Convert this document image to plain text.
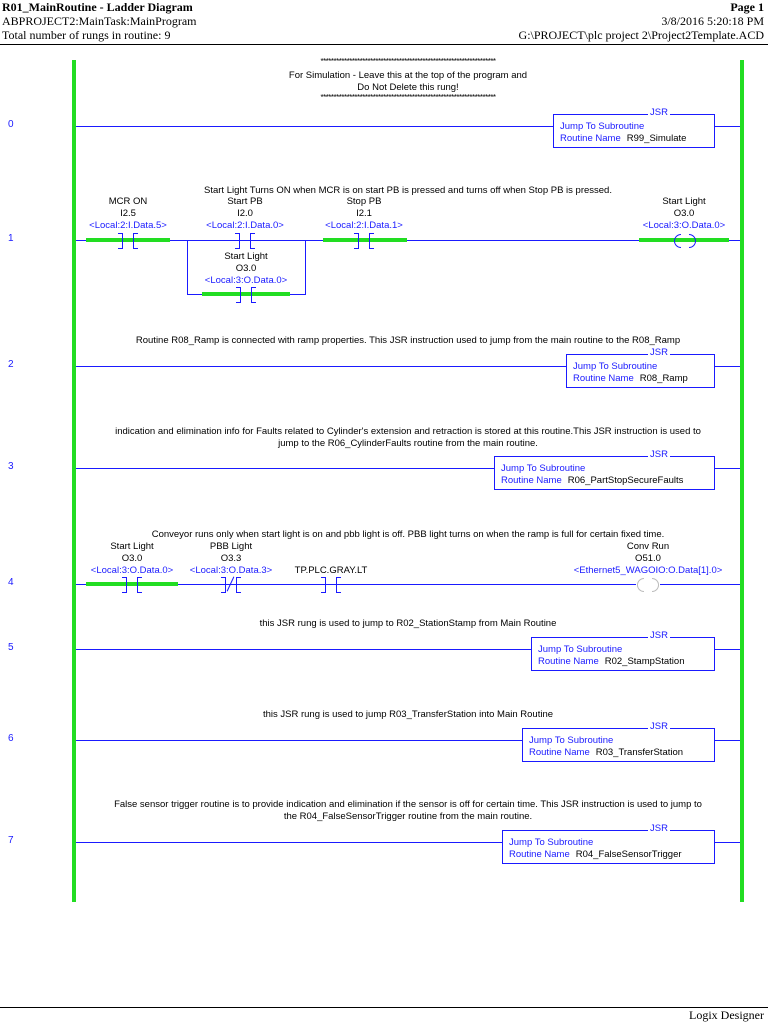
R01_MainRoutine - Ladder Diagram
ABPROJECT2:MainTask:MainProgram
Total number of rungs in routine: 9
Page 1
3/8/2016 5:20:18 PM
G:\PROJECT\plc project 2\Project2Template.ACD
0
*******************************************************************
For Simulation - Leave this at the top of the program and
Do Not Delete this rung!
*******************************************************************
JSR
Jump To Subroutine
Routine Name R99_Simulate
1
Start Light Turns ON when MCR is on start PB is pressed and turns off when Stop PB is pressed.
MCR ON
I2.5
<Local:2:I.Data.5>
Start PB
I2.0
<Local:2:I.Data.0>
Stop PB
I2.1
<Local:2:I.Data.1>
Start Light
O3.0
<Local:3:O.Data.0>
Start Light
O3.0
<Local:3:O.Data.0>
2
Routine R08_Ramp is connected with ramp properties. This JSR instruction used to jump from the main routine to the R08_Ramp
JSR
Jump To Subroutine
Routine Name R08_Ramp
3
indication and elimination info for Faults related to Cylinder's extension and retraction is stored at this routine.This JSR instruction is used to
jump to the R06_CylinderFaults routine from the main routine.
JSR
Jump To Subroutine
Routine Name R06_PartStopSecureFaults
4
Conveyor runs only when start light is on and pbb light is off. PBB light turns on when the ramp is full for certain fixed time.
Start Light
O3.0
<Local:3:O.Data.0>
PBB Light
O3.3
<Local:3:O.Data.3> TP.PLC.GRAY.LT
Conv Run
O51.0
<Ethernet5_WAGOIO:O.Data[1].0>
5
this JSR rung is used to jump to R02_StationStamp from Main Routine
JSR
Jump To Subroutine
Routine Name R02_StampStation
6
this JSR rung is used to jump R03_TransferStation into Main Routine
JSR
Jump To Subroutine
Routine Name R03_TransferStation
7
False sensor trigger routine is to provide indication and elimination if the sensor is off for certain time. This JSR instruction is used to jump to
the R04_FalseSensorTrigger routine from the main routine.
JSR
Jump To Subroutine
Routine Name R04_FalseSensorTrigger
Logix Designer
